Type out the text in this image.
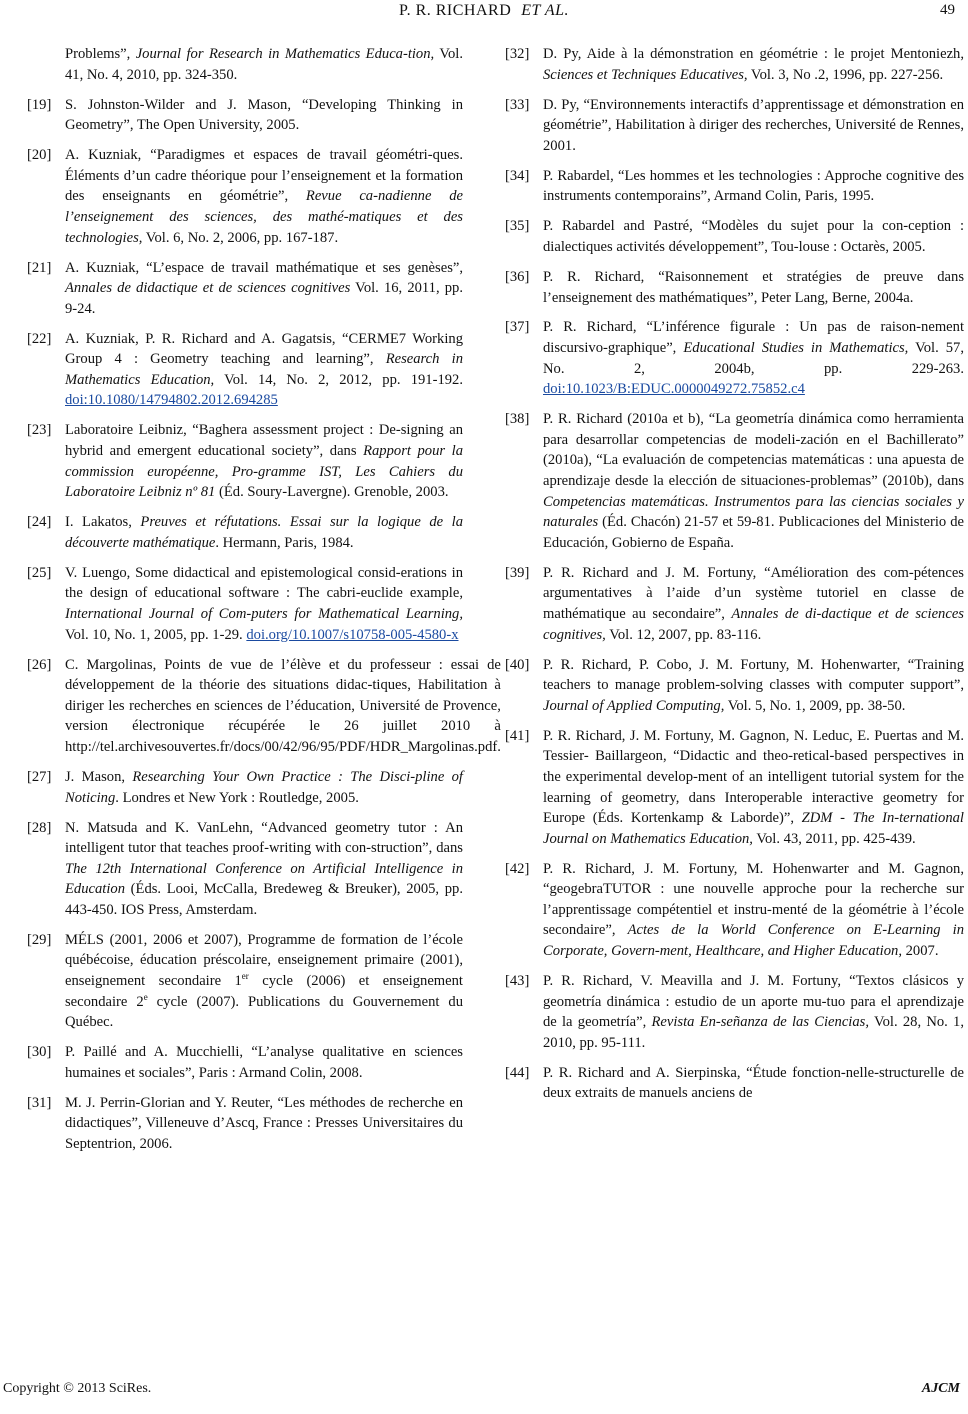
P. R. RICHARD ET AL.	49
Problems”, Journal for Research in Mathematics Educa-tion, Vol. 41, No. 4, 2010, pp. 324-350.
[19] S. Johnston-Wilder and J. Mason, “Developing Thinking in Geometry”, The Open University, 2005.
[20] A. Kuzniak, “Paradigmes et espaces de travail géométri-ques. Éléments d’un cadre théorique pour l’enseignement et la formation des enseignants en géométrie”, Revue ca-nadienne de l’enseignement des sciences, des mathé-matiques et des technologies, Vol. 6, No. 2, 2006, pp. 167-187.
[21] A. Kuzniak, “L’espace de travail mathématique et ses genèses”, Annales de didactique et de sciences cognitives Vol. 16, 2011, pp. 9-24.
[22] A. Kuzniak, P. R. Richard and A. Gagatsis, “CERME7 Working Group 4 : Geometry teaching and learning”, Research in Mathematics Education, Vol. 14, No. 2, 2012, pp. 191-192. doi:10.1080/14794802.2012.694285
[23] Laboratoire Leibniz, “Baghera assessment project : De-signing an hybrid and emergent educational society”, dans Rapport pour la commission européenne, Pro-gramme IST, Les Cahiers du Laboratoire Leibniz nº 81 (Éd. Soury-Lavergne). Grenoble, 2003.
[24] I. Lakatos, Preuves et réfutations. Essai sur la logique de la découverte mathématique. Hermann, Paris, 1984.
[25] V. Luengo, Some didactical and epistemological consid-erations in the design of educational software : The cabri-euclide example, International Journal of Com-puters for Mathematical Learning, Vol. 10, No. 1, 2005, pp. 1-29. doi.org/10.1007/s10758-005-4580-x
[26] C. Margolinas, Points de vue de l’élève et du professeur : essai de développement de la théorie des situations didac-tiques, Habilitation à diriger les recherches en sciences de l’éducation, Université de Provence, version électronique récupérée le 26 juillet 2010 à http://tel.archivesouvertes.fr/docs/00/42/96/95/PDF/HDR_Margolinas.pdf.
[27] J. Mason, Researching Your Own Practice : The Disci-pline of Noticing. Londres et New York : Routledge, 2005.
[28] N. Matsuda and K. VanLehn, “Advanced geometry tutor : An intelligent tutor that teaches proof-writing with con-struction”, dans The 12th International Conference on Artificial Intelligence in Education (Éds. Looi, McCalla, Bredeweg & Breuker), 2005, pp. 443-450. IOS Press, Amsterdam.
[29] MÉLS (2001, 2006 et 2007), Programme de formation de l’école québécoise, éducation préscolaire, enseignement primaire (2001), enseignement secondaire 1er cycle (2006) et enseignement secondaire 2e cycle (2007). Publications du Gouvernement du Québec.
[30] P. Paillé and A. Mucchielli, “L’analyse qualitative en sciences humaines et sociales”, Paris : Armand Colin, 2008.
[31] M. J. Perrin-Glorian and Y. Reuter, “Les méthodes de recherche en didactiques”, Villeneuve d’Ascq, France : Presses Universitaires du Septentrion, 2006.
[32] D. Py, Aide à la démonstration en géométrie : le projet Mentoniezh, Sciences et Techniques Educatives, Vol. 3, No .2, 1996, pp. 227-256.
[33] D. Py, “Environnements interactifs d’apprentissage et démonstration en géométrie”, Habilitation à diriger des recherches, Université de Rennes, 2001.
[34] P. Rabardel, “Les hommes et les technologies : Approche cognitive des instruments contemporains”, Armand Colin, Paris, 1995.
[35] P. Rabardel and Pastré, “Modèles du sujet pour la con-ception : dialectiques activités développement”, Tou-louse : Octarès, 2005.
[36] P. R. Richard, “Raisonnement et stratégies de preuve dans l’enseignement des mathématiques”, Peter Lang, Berne, 2004a.
[37] P. R. Richard, “L’inférence figurale : Un pas de raison-nement discursivo-graphique”, Educational Studies in Mathematics, Vol. 57, No. 2, 2004b, pp. 229-263. doi:10.1023/B:EDUC.0000049272.75852.c4
[38] P. R. Richard (2010a et b), “La geometría dinámica como herramienta para desarrollar competencias de modeli-zación en el Bachillerato” (2010a), “La evaluación de competencias matemáticas : una apuesta de aprendizaje desde la elección de situaciones-problemas” (2010b), dans Competencias matemáticas. Instrumentos para las ciencias sociales y naturales (Éd. Chacón) 21-57 et 59-81. Publicaciones del Ministerio de Educación, Gobierno de España.
[39] P. R. Richard and J. M. Fortuny, “Amélioration des com-pétences argumentatives à l’aide d’un système tutoriel en classe de mathématique au secondaire”, Annales de di-dactique et de sciences cognitives, Vol. 12, 2007, pp. 83-116.
[40] P. R. Richard, P. Cobo, J. M. Fortuny, M. Hohenwarter, “Training teachers to manage problem-solving classes with computer support”, Journal of Applied Computing, Vol. 5, No. 1, 2009, pp. 38-50.
[41] P. R. Richard, J. M. Fortuny, M. Gagnon, N. Leduc, E. Puertas and M. Tessier- Baillargeon, “Didactic and theo-retical-based perspectives in the experimental develop-ment of an intelligent tutorial system for the learning of geometry, dans Interoperable interactive geometry for Europe (Éds. Kortenkamp & Laborde)”, ZDM - The In-ternational Journal on Mathematics Education, Vol. 43, 2011, pp. 425-439.
[42] P. R. Richard, J. M. Fortuny, M. Hohenwarter and M. Gagnon, “geogebraTUTOR : une nouvelle approche pour la recherche sur l’apprentissage compétentiel et instru-menté de la géométrie à l’école secondaire”, Actes de la World Conference on E-Learning in Corporate, Govern-ment, Healthcare, and Higher Education, 2007.
[43] P. R. Richard, V. Meavilla and J. M. Fortuny, “Textos clásicos y geometría dinámica : estudio de un aporte mu-tuo para el aprendizaje de la geometría”, Revista En-señanza de las Ciencias, Vol. 28, No. 1, 2010, pp. 95-111.
[44] P. R. Richard and A. Sierpinska, “Étude fonction-nelle-structurelle de deux extraits de manuels anciens de
Copyright © 2013 SciRes.	AJCM
